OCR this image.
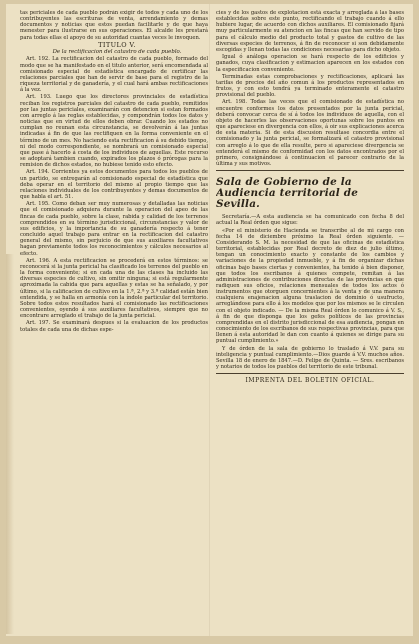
tas periciales de cada pueblo podrán exigir de todos y cada uno de los contribuyentes las escrituras de venta, arrendamiento y demas documentos y noticias que estos puedan facilitarle y de que haya menester para ilustrarse en sus operaciones. El alcalde les prestará para todas ellas el apoyo de su autoridad cuantas veces le invoquen.

TITULO V.

De la rectificacion del catastro de cada pueblo.

Art. 192. La rectificacion del catastro de cada pueblo, formado del modo que se ha manifestado en el titulo anterior, será encomendada al comisionado especial de estadística encargado de certificar las relaciones parciales que han de servir de base para el registro de la riqueza territorial y de ganadería, y el cual hará ambas rectificaciones á la vez.

Art. 193. Luego que los directores provinciales de estadística reciban los registros parciales del catastro de cada pueblo, remitidos por las juntas periciales, examinarán con detencion si estan formados con arreglo á las reglas establecidas, y compondrán todos los datos y noticias que en virtud de ellos deben obrar. Cuando los estados no cumplan no reunan esta circunstancia, se devolverán á las juntas indicadas á fin de que las rectifiquen en la forma conveniente en el término de un mes. No haciendo esta rectificacion á su debido tiempo, ni del modo correspondiente, se nombrará un comisionado especial que pase á hacerlo á costa de los individuos de aquellas. Este recurso se adoptará tambien cuando, expirados los plazos ó prórogas para la remision de dichos estados, no hubiese tenido esto efecto.

Art. 194. Corrientes ya estos documentos para todos los pueblos de un partido, se entregarán al comisionado especial de estadística que deba operar en el territorio del mismo al propio tiempo que las relaciones individuales de los contribuyentes y demas documentos de que habla el art. 51.

Art. 195. Como deban ser muy numerosas y detalladas las noticias que el comisionado adquiera durante la operacion del apeo de las fincas de cada pueblo, sobre la clase, rabida y calidad de los terrenos comprendidos en su término jurisdiccional, circunstancias y valor de sus edificios, y la importancia de su ganadería respecto á tener concluido aquel trabajo para entrar en la rectificacion del catastro general del mismo, sin perjuicio de que sus auxiliares facultativos hagan previamente todos los reconocimientos y cálculos necesarios al efecto.

Art. 196. A esta rectificacion se procederá en estos términos: se reconocerá si la junta pericial ha clasificado los terrenos del pueblo en la forma conveniente; si en cada una de las clases ha incluido las diversas especies de cultivo, sin omitir ninguna; si está regularmente aproximada la cabida que para aquellas y estas se ha señalado, y por último, si la calificacion de cultivo en la 1.ª, 2.ª y 3.ª calidad están bien entendida, y se halla en armonía con la índole particular del territorio. Sobre todos estos resultados hará el comisionado las rectificaciones convenientes, oyendo á sus auxiliares facultativos, siempre que no encontrare arreglado el trabajo de la junta pericial.

Art. 197. Se examinará despues si la evaluacion de los productos totales de cada una de dichas espe-

cies y de los gastos de explotacion está exacta y arreglada á las bases establecidas sobre este punto, rectificando el trabajo cuando á ello hubiere lugar, de acuerdo con dichos auxiliares. El comisionado fijará muy particularmente su atencion en las fincas que han servido de tipo para el cálculo medio del producto total y gastos de cultivo de las diversas especies de terrenos, á fin de reconocer si son debidamente escogidas y llenan todas las condiciones necesarias para dicho objeto.

Igual ó análoga operacion se hará respecto de los edificios y ganados, cuya clasificacion y estimacion aparecen en los estados con la especificacion conveniente.

Terminadas estas comprobaciones y rectificaciones, aplicará las tarifas de precios del año comun á los productos representados en frutos, y con esto tendrá ya terminado enteramente el catastro provisional del pueblo.

Art. 198. Todas las veces que el comisionado de estadística no encuentre conformes los datos presentados por la junta pericial, deberá convocar cerca de sí á todos los individuos de aquella, con el objeto de hacerles las observaciones oportunas sobre los puntos en que apareciese en divergencia con ellos, á oir sus explicaciones acerca de esta materia. Si de esta discusion resultase concordia entre el comisionado y la junta pericial, se formalizará el catastro provisional con arreglo á lo que de ella resulte, pero si apareciese divergencia se entenderá el mismo de conformidad con los datos encontrados por el primero, consignándose á continuacion el parecer contrario de la última y sus motivos.

Sala de Gobierno de la Audiencia territorial de Sevilla.

Secretaría.—A esta audiencia se ha comunicado con fecha 8 del actual la Real órden que sigue:

«Por el ministerio de Hacienda se transcribe al de mi cargo con fecha 14 de diciembre próximo la Real órden siguiente. — Considerando S. M. la necesidad de que las oficinas de estadística territorial, establecidas por Real decreto de diez de julio último, tengan un conocimiento exacto y constante de los cambios y variaciones de la propiedad inmueble, y á fin de organizar dichas oficinas bajo bases ciertas y convenientes, ha tenido á bien disponer, que todos los escribanos á quienes compete, remitan á las administraciones de contribuciones directas de las provincias en que radiquen sus oficios, relaciones mensuales de todos los actos ó instrumentos que otorguen concernientes á la venta y de una manera cualquiera enajenacion alguna traslacion de dominio ó usufructo, arreglándose para ello á los modelos que por los mismos se le circulen con el objeto indicado. — De la misma Real órden lo comunico á V. S., á fin de que disponga que los gefes políticos de las provincias comprendidas en el distrito jurisdiccional de esa audiencia, pongan en conocimiento de los escribanos de sus respectivas provincias, para que llenen á esta autoridad le dan con cuanto á quienes se dirige para su puntual cumplimiento.»

Y de órden de la sala de gobierno lo traslado á V.V. para su inteligencia y puntual cumplimiento.—Dios guarde á V.V. muchos años. Sevilla 18 de enero de 1847.—D. Felipe de Quinta. — Sres. escribanos y notarios de todos los pueblos del territorio de este tribunal.

IMPRENTA DEL BOLETIN OFICIAL.
